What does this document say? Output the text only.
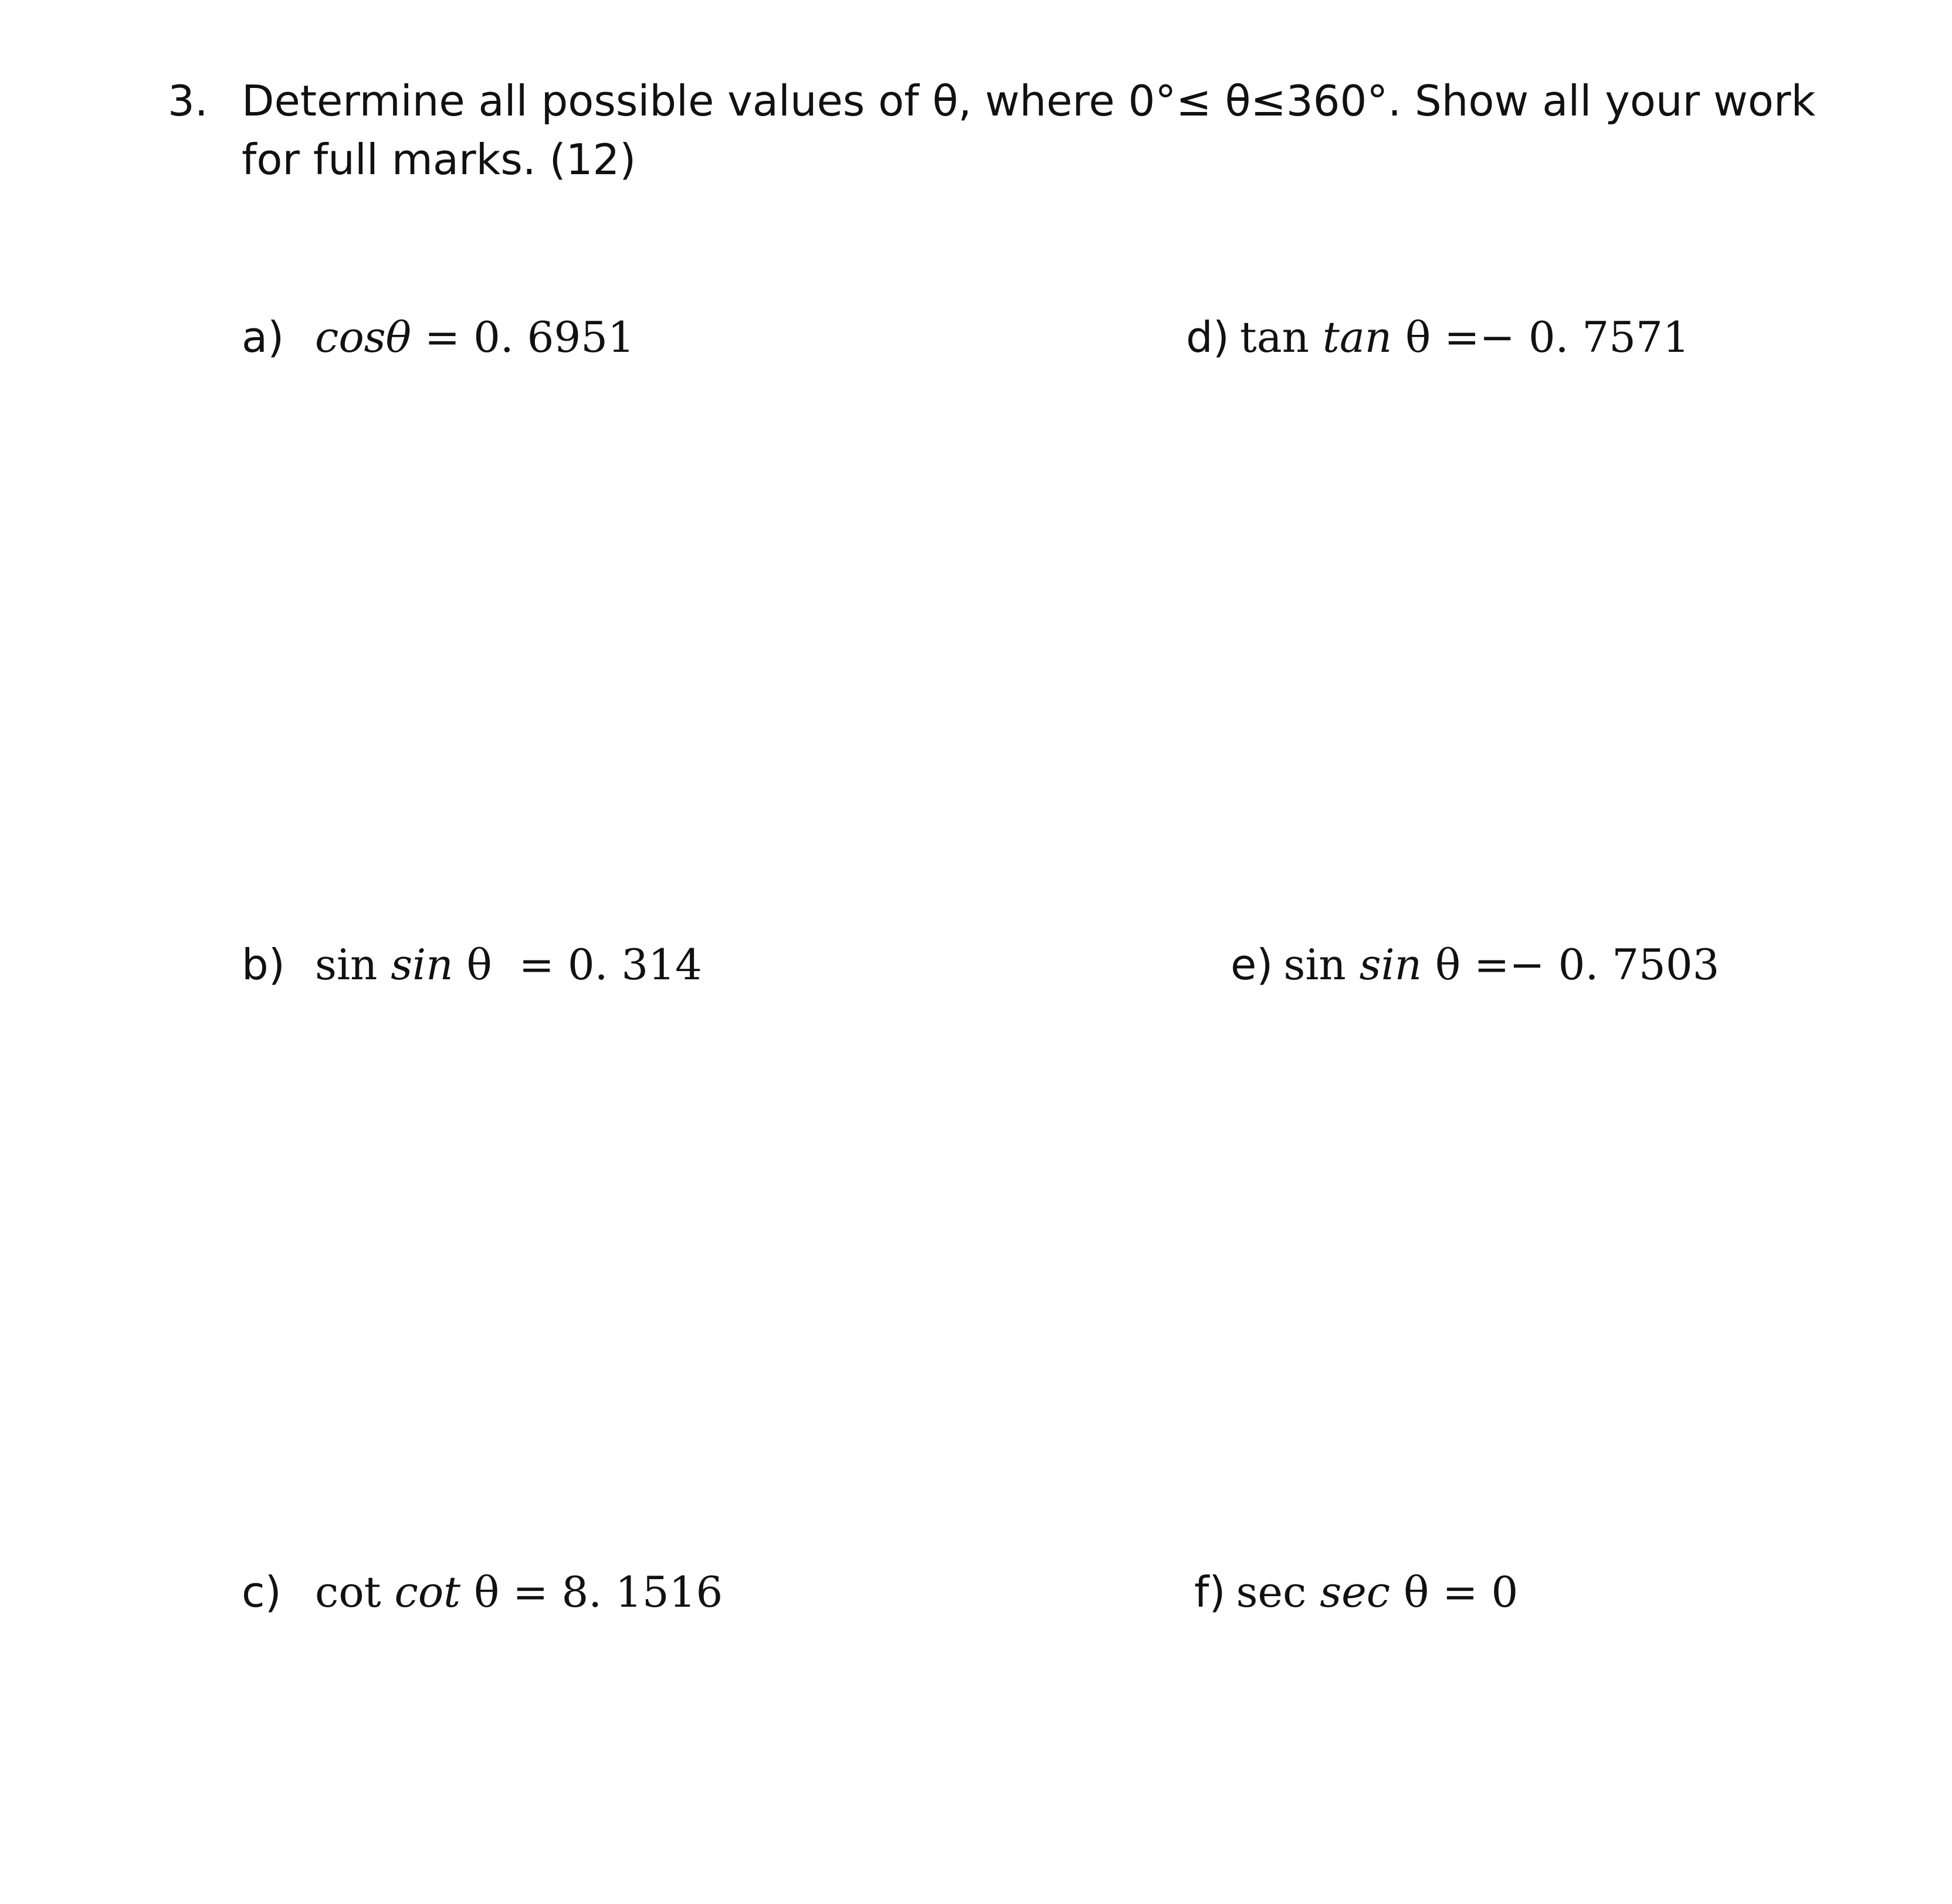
3. Determine all possible values of θ, where 0°≤ θ≤360°. Show all your work for full marks. (12)
a) cosθ = 0. 6951
b) sin sin θ  = 0. 314
c) cot cot θ = 8. 1516
d) tan tan θ =− 0. 7571
e) sin sin θ =− 0. 7503
f) sec sec θ = 0
